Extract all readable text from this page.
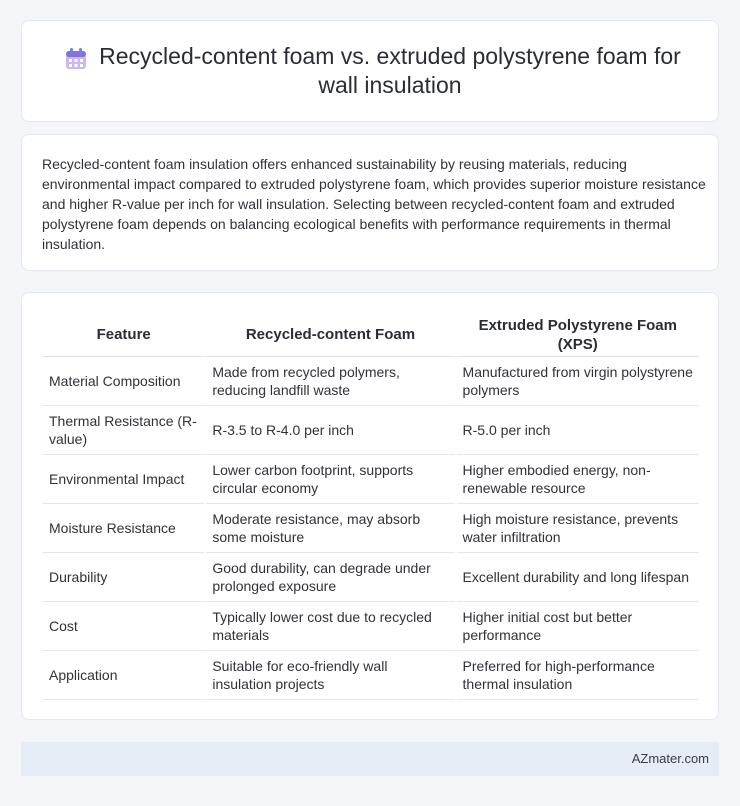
Recycled-content foam vs. extruded polystyrene foam for wall insulation

Recycled-content foam insulation offers enhanced sustainability by reusing materials, reducing environmental impact compared to extruded polystyrene foam, which provides superior moisture resistance and higher R-value per inch for wall insulation. Selecting between recycled-content foam and extruded polystyrene foam depends on balancing ecological benefits with performance requirements in thermal insulation.

Feature	Recycled-content Foam	Extruded Polystyrene Foam (XPS)
Material Composition	Made from recycled polymers, reducing landfill waste	Manufactured from virgin polystyrene polymers
Thermal Resistance (R-value)	R-3.5 to R-4.0 per inch	R-5.0 per inch
Environmental Impact	Lower carbon footprint, supports circular economy	Higher embodied energy, non-renewable resource
Moisture Resistance	Moderate resistance, may absorb some moisture	High moisture resistance, prevents water infiltration
Durability	Good durability, can degrade under prolonged exposure	Excellent durability and long lifespan
Cost	Typically lower cost due to recycled materials	Higher initial cost but better performance
Application	Suitable for eco-friendly wall insulation projects	Preferred for high-performance thermal insulation
AZmater.com
